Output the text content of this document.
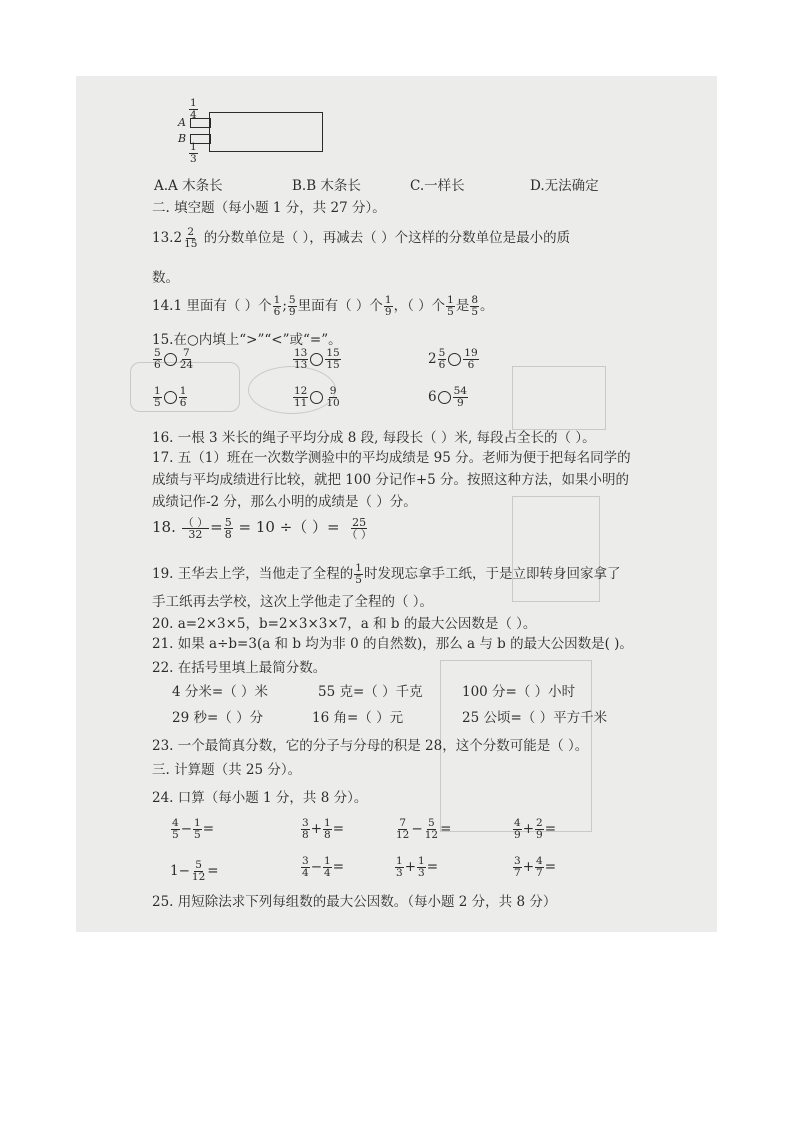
$\frac{1}{4}$
A
B
$\frac{1}{3}$
A.A 木条长	B.B 木条长	C.一样长	D.无法确定
二. 填空题（每小题 1 分，共 27 分）。
$13.2 \frac{2}{15}$ 的分数单位是（ ），再减去（ ）个这样的分数单位是最小的质
数。
14.1 里面有（ ）个 $\frac{1}{6}$ ; $\frac{5}{9}$ 里面有（ ）个 $\frac{1}{9}$ ，（ ）个 $\frac{1}{5}$ 是 $\frac{8}{5}$ 。
15.在○内填上“>”“<”或“=”。
$\frac{5}{6} \frac{7}{24}$	$\frac{13}{13} \frac{15}{15}$	$2 \frac{5}{6} \frac{19}{6}$
$\frac{1}{5} \frac{1}{6}$	$\frac{12}{11} \frac{9}{10}$	$6 \frac{54}{9}$
16. 一根 3 米长的绳子平均分成 8 段, 每段长（ ）米, 每段占全长的（ ）。
17. 五（1）班在一次数学测验中的平均成绩是 95 分。老师为便于把每名同学的
成绩与平均成绩进行比较，就把 100 分记作+5 分。按照这种方法，如果小明的
成绩记作-2 分，那么小明的成绩是（ ）分。
18. $\frac{( )}{32} = \frac{5}{8} = 10$ ÷（ ）= $\frac{25}{( )}$
19. 王华去上学，当他走了全程的 $\frac{1}{5}$ 时发现忘拿手工纸，于是立即转身回家拿了
手工纸再去学校，这次上学他走了全程的（ ）。
20. a=2×3×5，b=2×3×3×7，a 和 b 的最大公因数是（ ）。
21. 如果 a÷b=3(a 和 b 均为非 0 的自然数)，那么 a 与 b 的最大公因数是( )。
22. 在括号里填上最简分数。
4 分米=（ ）米	55 克=（ ）千克	100 分=（ ）小时
29 秒=（ ）分	16 角=（ ）元	25 公顷=（ ）平方千米
23. 一个最简真分数，它的分子与分母的积是 28，这个分数可能是（ ）。
三. 计算题（共 25 分）。
24. 口算（每小题 1 分，共 8 分）。
$\frac{4}{5} - \frac{1}{5}$ =	$\frac{3}{8} + \frac{1}{8}$ =	$\frac{7}{12} - \frac{5}{12}$ =	$\frac{4}{9} + \frac{2}{9}$ =
$1- \frac{5}{12}$ =	$\frac{3}{4} - \frac{1}{4}$ =	$\frac{1}{3} + \frac{1}{3}$ =	$\frac{3}{7} + \frac{4}{7}$ =
25. 用短除法求下列每组数的最大公因数。（每小题 2 分，共 8 分）
